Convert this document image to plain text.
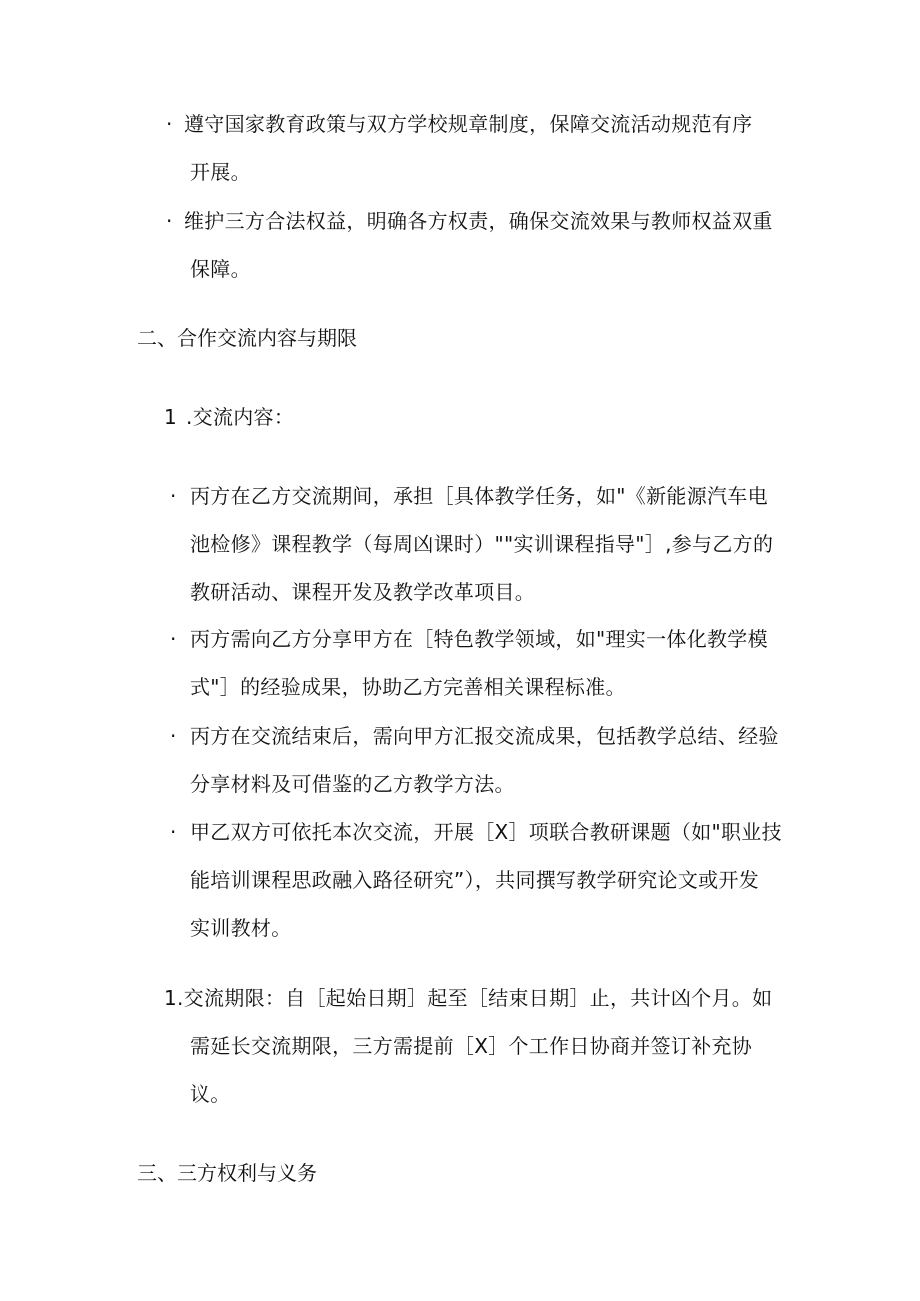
· 遵守国家教育政策与双方学校规章制度，保障交流活动规范有序
开展。
· 维护三方合法权益，明确各方权责，确保交流效果与教师权益双重
保障。
二、合作交流内容与期限
1 .交流内容：
· 丙方在乙方交流期间，承担［具体教学任务，如"《新能源汽车电
池检修》课程教学（每周凶课时）""实训课程指导"］,参与乙方的
教研活动、课程开发及教学改革项目。
· 丙方需向乙方分享甲方在［特色教学领域，如"理实一体化教学模
式"］的经验成果，协助乙方完善相关课程标准。
· 丙方在交流结束后，需向甲方汇报交流成果，包括教学总结、经验
分享材料及可借鉴的乙方教学方法。
· 甲乙双方可依托本次交流，开展［X］项联合教研课题（如"职业技
能培训课程思政融入路径研究”），共同撰写教学研究论文或开发
实训教材。
1.交流期限：自［起始日期］起至［结束日期］止，共计凶个月。如
需延长交流期限，三方需提前［X］个工作日协商并签订补充协
议。
三、三方权利与义务
